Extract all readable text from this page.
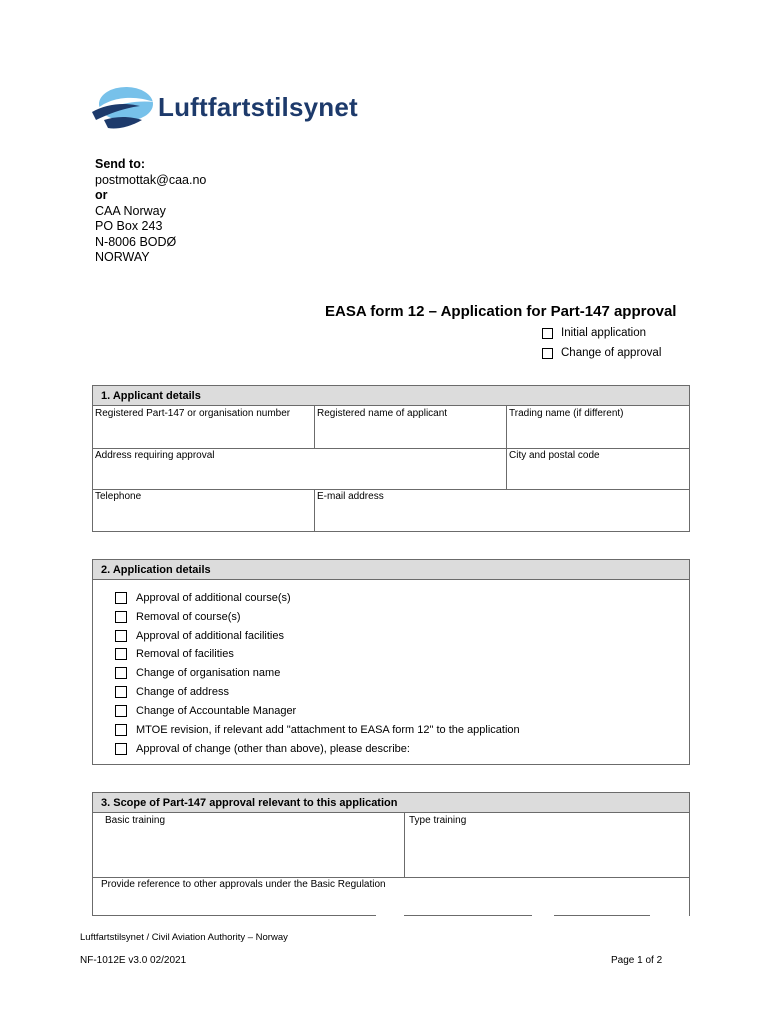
Luftfartstilsynet
Send to:
postmottak@caa.no
or
CAA Norway
PO Box 243
N-8006 BODØ
NORWAY
EASA form 12 – Application for Part-147 approval
Initial application
Change of approval
1. Applicant details
Registered Part-147 or organisation number	Registered name of applicant	Trading name (if different)
Address requiring approval	City and postal code
Telephone	E-mail address
2. Application details
Approval of additional course(s)
Removal of course(s)
Approval of additional facilities
Removal of facilities
Change of organisation name
Change of address
Change of Accountable Manager
MTOE revision, if relevant add "attachment to EASA form 12" to the application
Approval of change (other than above), please describe:
3. Scope of Part-147 approval relevant to this application
Basic training	Type training
Provide reference to other approvals under the Basic Regulation
Luftfartstilsynet / Civil Aviation Authority – Norway
NF-1012E v3.0 02/2021	Page 1 of 2
